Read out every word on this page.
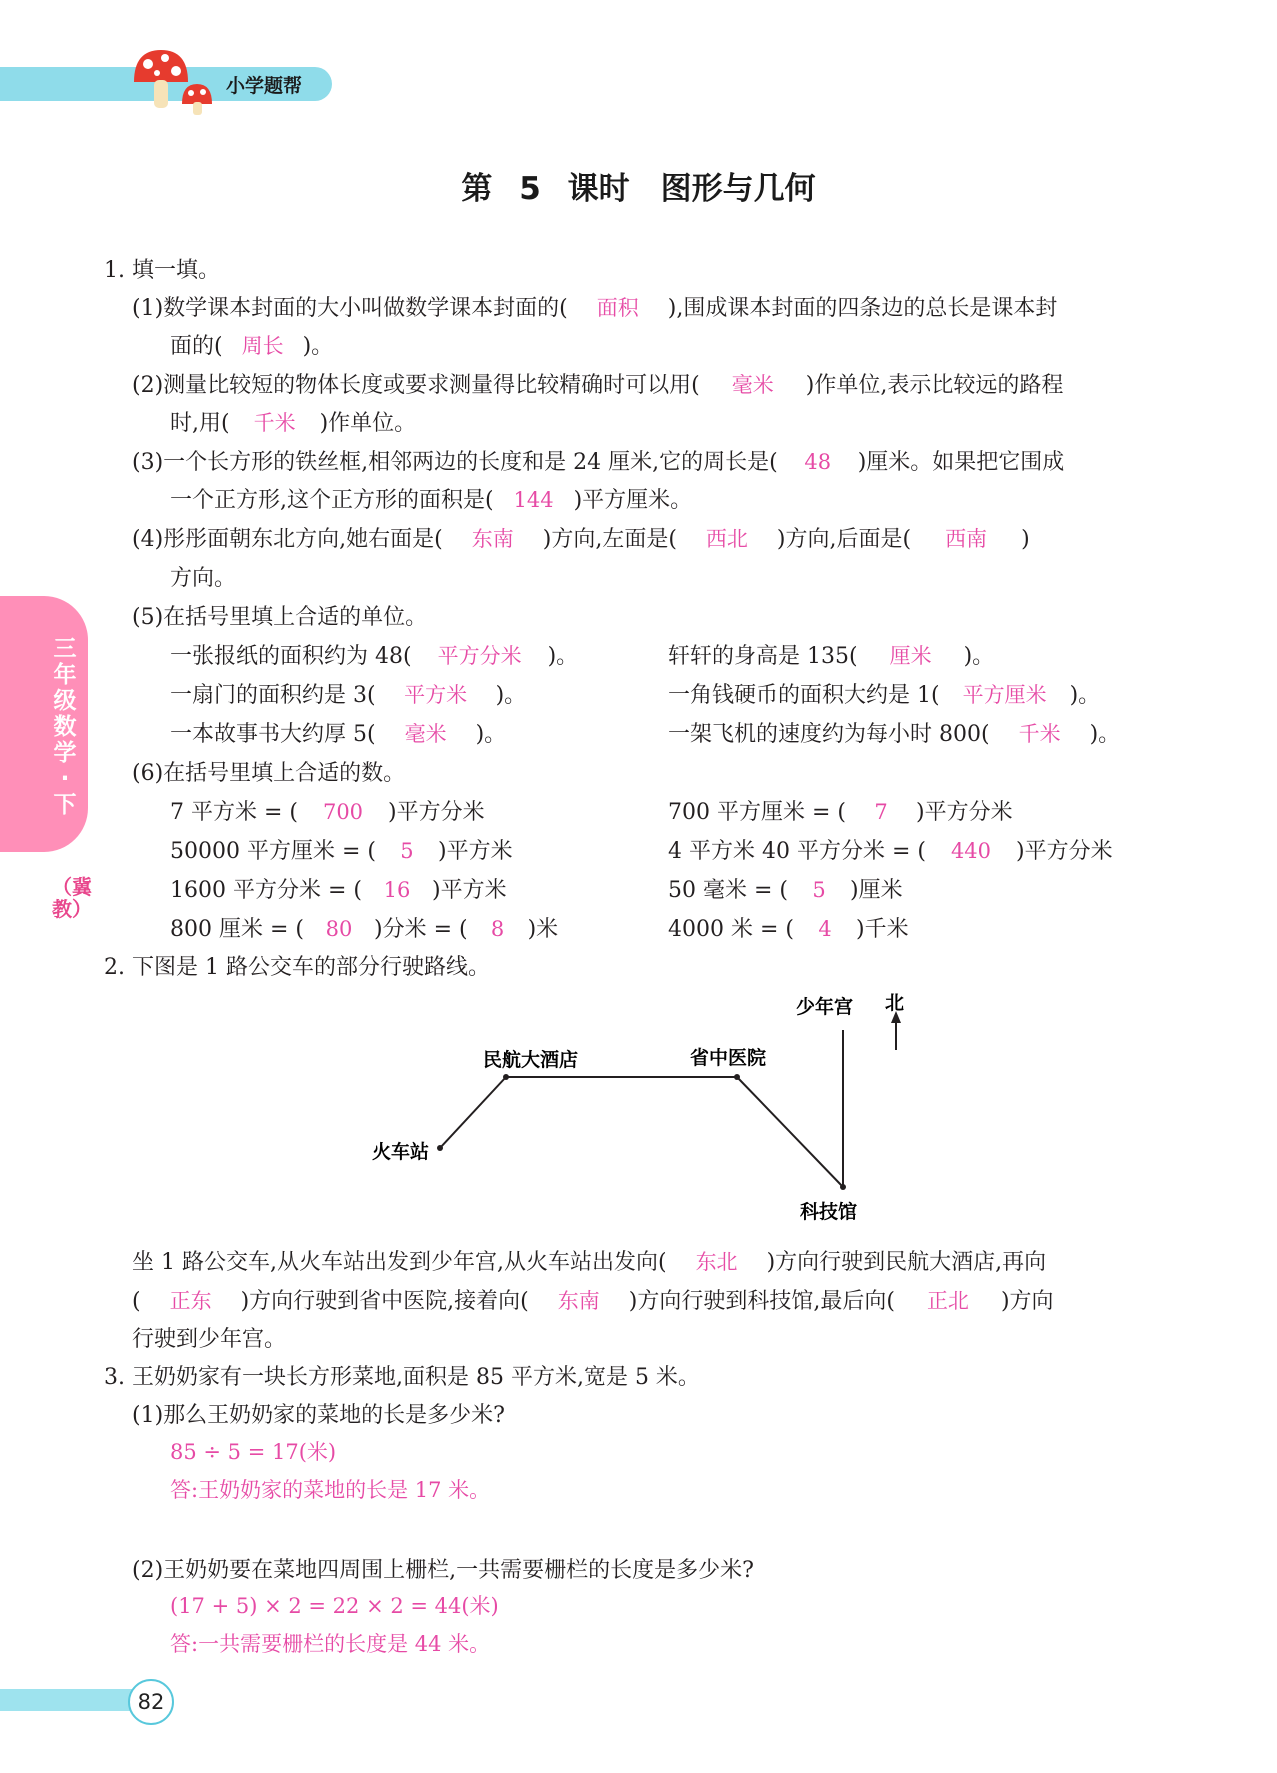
小学题帮
三年级数学·下
（冀教）
第 5 课时　图形与几何
1. 填一填。
(1)数学课本封面的大小叫做数学课本封面的( 面积 ),围成课本封面的四条边的总长是课本封
面的( 周长 )。
(2)测量比较短的物体长度或要求测量得比较精确时可以用( 毫米 )作单位,表示比较远的路程
时,用( 千米 )作单位。
(3)一个长方形的铁丝框,相邻两边的长度和是 24 厘米,它的周长是( 48 )厘米。如果把它围成
一个正方形,这个正方形的面积是( 144 )平方厘米。
(4)彤彤面朝东北方向,她右面是( 东南 )方向,左面是( 西北 )方向,后面是( 西南 )
方向。
(5)在括号里填上合适的单位。
一张报纸的面积约为 48( 平方分米 )。	轩轩的身高是 135( 厘米 )。
一扇门的面积约是 3( 平方米 )。	一角钱硬币的面积大约是 1( 平方厘米 )。
一本故事书大约厚 5( 毫米 )。	一架飞机的速度约为每小时 800( 千米 )。
(6)在括号里填上合适的数。
7 平方米 = ( 700 )平方分米	700 平方厘米 = ( 7 )平方分米
50000 平方厘米 = ( 5 )平方米	4 平方米 40 平方分米 = ( 440 )平方分米
1600 平方分米 = ( 16 )平方米	50 毫米 = ( 5 )厘米
800 厘米 = ( 80 )分米 = ( 8 )米	4000 米 = ( 4 )千米
2. 下图是 1 路公交车的部分行驶路线。
少年宫
民航大酒店	省中医院
火车站
科技馆
北
坐 1 路公交车,从火车站出发到少年宫,从火车站出发向( 东北 )方向行驶到民航大酒店,再向
( 正东 )方向行驶到省中医院,接着向( 东南 )方向行驶到科技馆,最后向( 正北 )方向
行驶到少年宫。
3. 王奶奶家有一块长方形菜地,面积是 85 平方米,宽是 5 米。
(1)那么王奶奶家的菜地的长是多少米?
85 ÷ 5 = 17(米)
答:王奶奶家的菜地的长是 17 米。
(2)王奶奶要在菜地四周围上栅栏,一共需要栅栏的长度是多少米?
(17 + 5) × 2 = 22 × 2 = 44(米)
答:一共需要栅栏的长度是 44 米。
82
